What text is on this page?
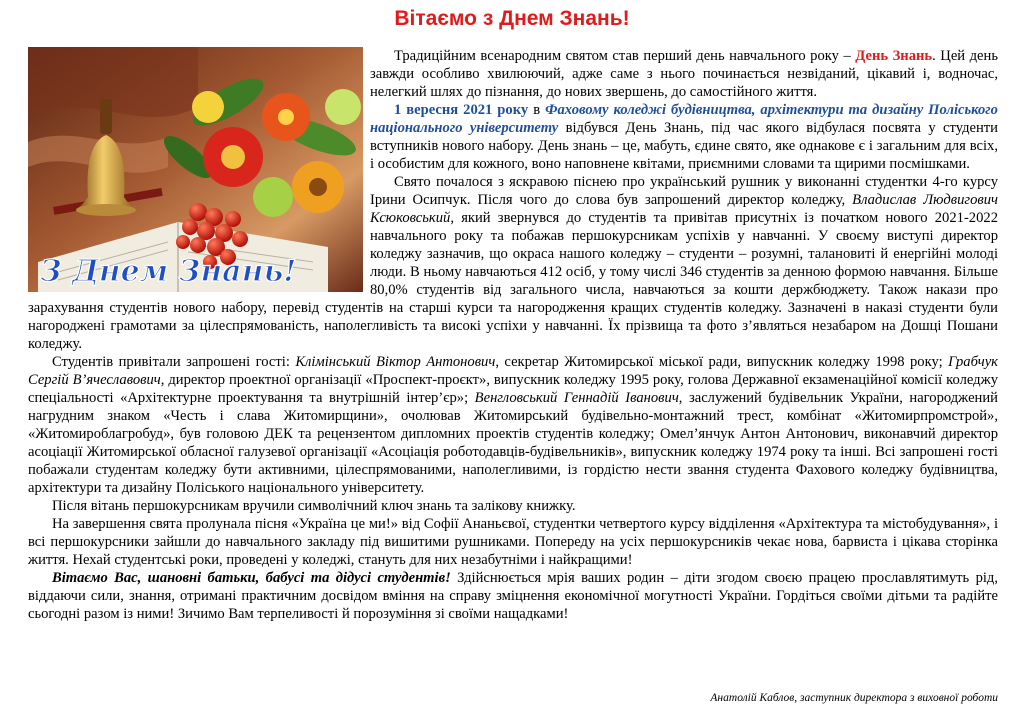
Вітаємо з Днем Знань!
З Днем Знань!

Традиційним всенародним святом став перший день навчального року – День Знань. Цей день завжди особливо хвилюючий, адже саме з нього починається незвіданий, цікавий і, водночас, нелегкий шлях до пізнання, до нових звершень, до самостійного життя.

1 вересня 2021 року в Фаховому коледжі будівництва, архітектури та дизайну Поліського національного університету відбувся День Знань, під час якого відбулася посвята у студенти вступників нового набору. День знань – це, мабуть, єдине свято, яке однакове є і загальним для всіх, і особистим для кожного, воно наповнене квітами, приємними словами та щирими посмішками.

Свято почалося з яскравою піснею про український рушник у виконанні студентки 4-го курсу Ірини Осипчук. Після чого до слова був запрошений директор коледжу, Владислав Людвигович Ксюковський, який звернувся до студентів та привітав присутніх із початком нового 2021-2022 навчального року та побажав першокурсникам успіхів у навчанні. У своєму виступі директор коледжу зазначив, що окраса нашого коледжу – студенти – розумні, талановиті й енергійні молоді люди. В ньому навчаються 412 осіб, у тому числі 346 студентів за денною формою навчання. Більше 80,0% студентів від загального числа, навчаються за кошти держбюджету. Також накази про зарахування студентів нового набору, перевід студентів на старші курси та нагородження кращих студентів коледжу. Зазначені в наказі студенти були нагороджені грамотами за цілеспрямованість, наполегливість та високі успіхи у навчанні. Їх прізвища та фото з’являться незабаром на Дошці Пошани коледжу.

Студентів привітали запрошені гості: Клімінський Віктор Антонович, секретар Житомирської міської ради, випускник коледжу 1998 року; Грабчук Сергій В’ячеславович, директор проектної організації «Проспект-проєкт», випускник коледжу 1995 року, голова Державної екзаменаційної комісії коледжу спеціальності «Архітектурне проектування та внутрішній інтер’єр»; Венгловський Геннадій Іванович, заслужений будівельник України, нагороджений нагрудним знаком «Честь і слава Житомирщини», очолював Житомирський будівельно-монтажний трест, комбінат «Житомирпромстрой», «Житомироблагробуд», був головою ДЕК та рецензентом дипломних проектів студентів коледжу; Омел’янчук Антон Антонович, виконавчий директор асоціації Житомирської обласної галузевої організації «Асоціація роботодавців-будівельників», випускник коледжу 1974 року та інші. Всі запрошені гості побажали студентам коледжу бути активними, цілеспрямованими, наполегливими, із гордістю нести звання студента Фахового коледжу будівництва, архітектури та дизайну Поліського національного університету.

Після вітань першокурсникам вручили символічний ключ знань та залікову книжку.

На завершення свята пролунала пісня «Україна це ми!» від Софії Ананьєвої, студентки четвертого курсу відділення «Архітектура та містобудування», і всі першокурсники зайшли до навчального закладу під вишитими рушниками. Попереду на усіх першокурсників чекає нова, барвиста і цікава сторінка життя. Нехай студентські роки, проведені у коледжі, стануть для них незабутніми і найкращими!

Вітаємо Вас, шановні батьки, бабусі та дідусі студентів! Здійснюється мрія ваших родин – діти згодом своєю працею прославлятимуть рід, віддаючи сили, знання, отримані практичним досвідом вміння на справу зміцнення економічної могутності України. Гордіться своїми дітьми та радійте сьогодні разом із ними! Зичимо Вам терпеливості й порозуміння зі своїми нащадками!

Анатолій Каблов, заступник директора з виховної роботи
